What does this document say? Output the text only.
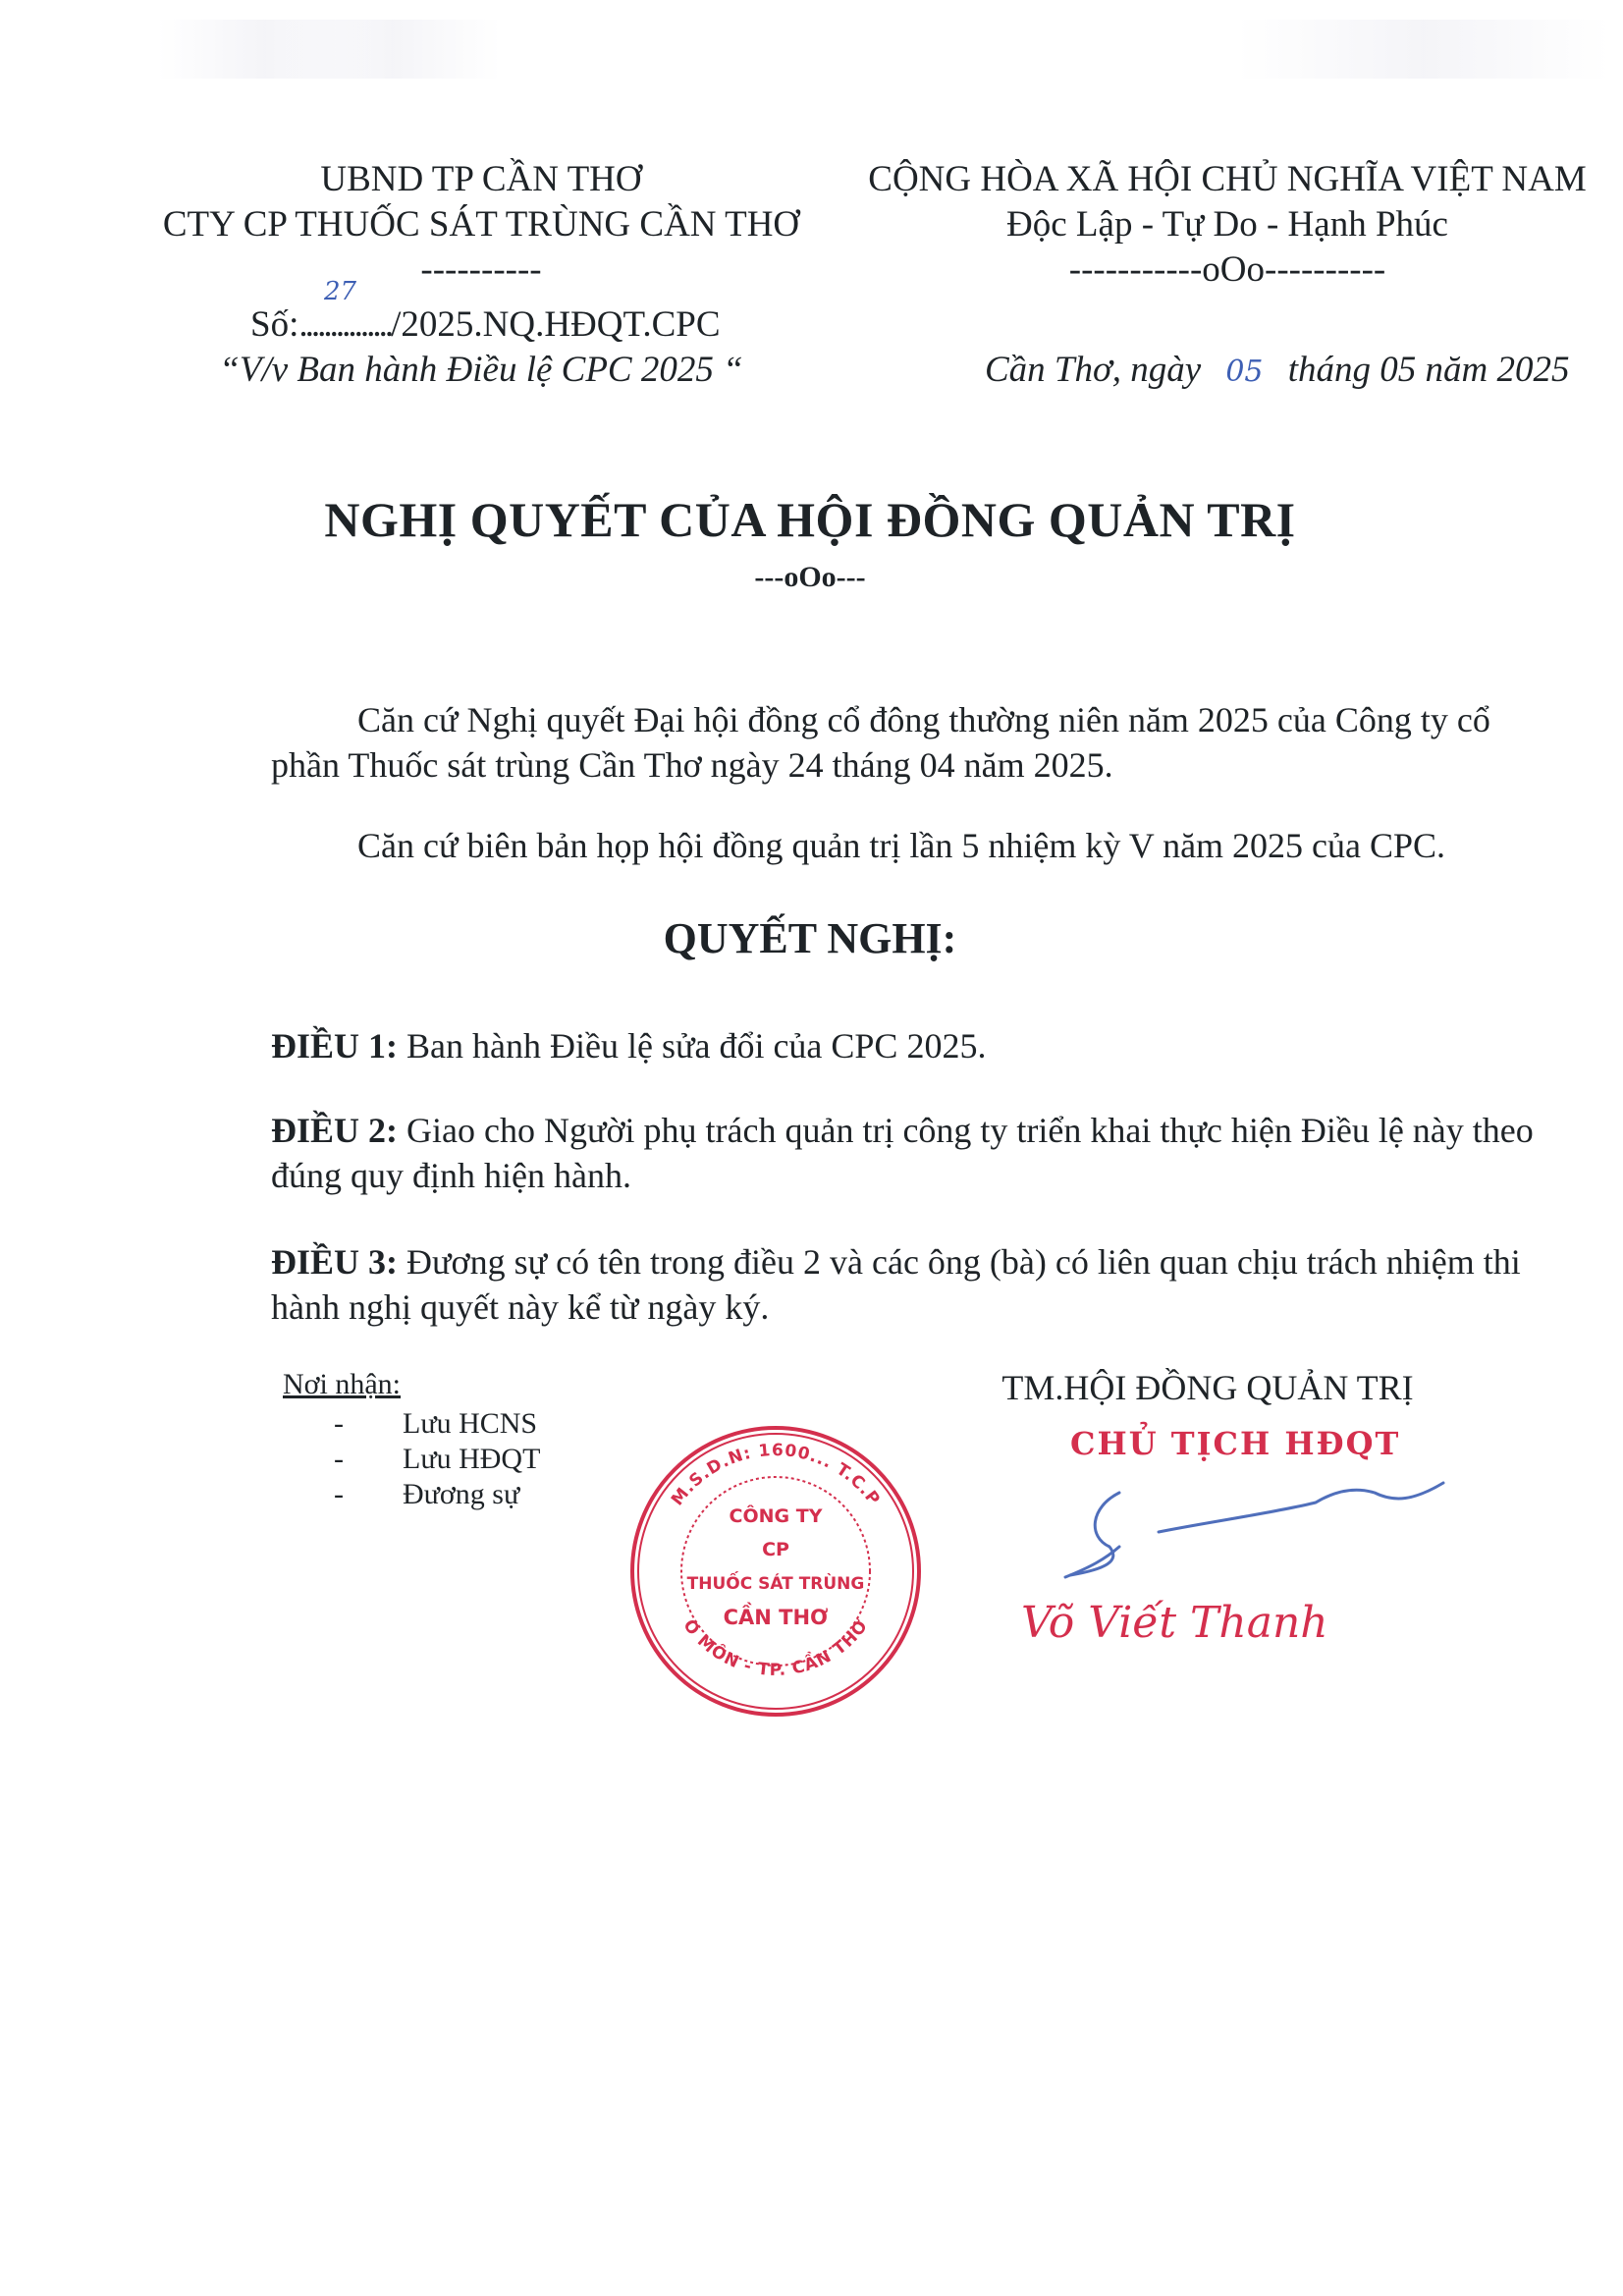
UBND TP CẦN THƠ
CTY CP THUỐC SÁT TRÙNG CẦN THƠ
----------
Số:.............../2025.NQ.HĐQT.CPC
27
“V/v Ban hành Điều lệ CPC 2025 “
CỘNG HÒA XÃ HỘI CHỦ NGHĨA VIỆT NAM
Độc Lập - Tự Do - Hạnh Phúc
-----------oOo----------
Cần Thơ, ngày 05 tháng 05 năm 2025
NGHỊ QUYẾT CỦA HỘI ĐỒNG QUẢN TRỊ
---oOo---

Căn cứ Nghị quyết Đại hội đồng cổ đông thường niên năm 2025 của Công ty cổ phần Thuốc sát trùng Cần Thơ ngày 24 tháng 04 năm 2025.

Căn cứ biên bản họp hội đồng quản trị lần 5 nhiệm kỳ V năm 2025 của CPC.

QUYẾT NGHỊ:

ĐIỀU 1: Ban hành Điều lệ sửa đổi của CPC 2025.

ĐIỀU 2: Giao cho Người phụ trách quản trị công ty triển khai thực hiện Điều lệ này theo đúng quy định hiện hành.

ĐIỀU 3: Đương sự có tên trong điều 2 và các ông (bà) có liên quan chịu trách nhiệm thi hành nghị quyết này kể từ ngày ký.

Nơi nhận:
- Lưu HCNS
- Lưu HĐQT
- Đương sự	M.S.D.N: 1600... T.C.P
O MÔN - TP. CẦN THƠ
CÔNG TY
CP
THUỐC SÁT TRÙNG
CẦN THƠ
TM.HỘI ĐỒNG QUẢN TRỊ
CHỦ TỊCH HĐQT
Võ Viết Thanh
